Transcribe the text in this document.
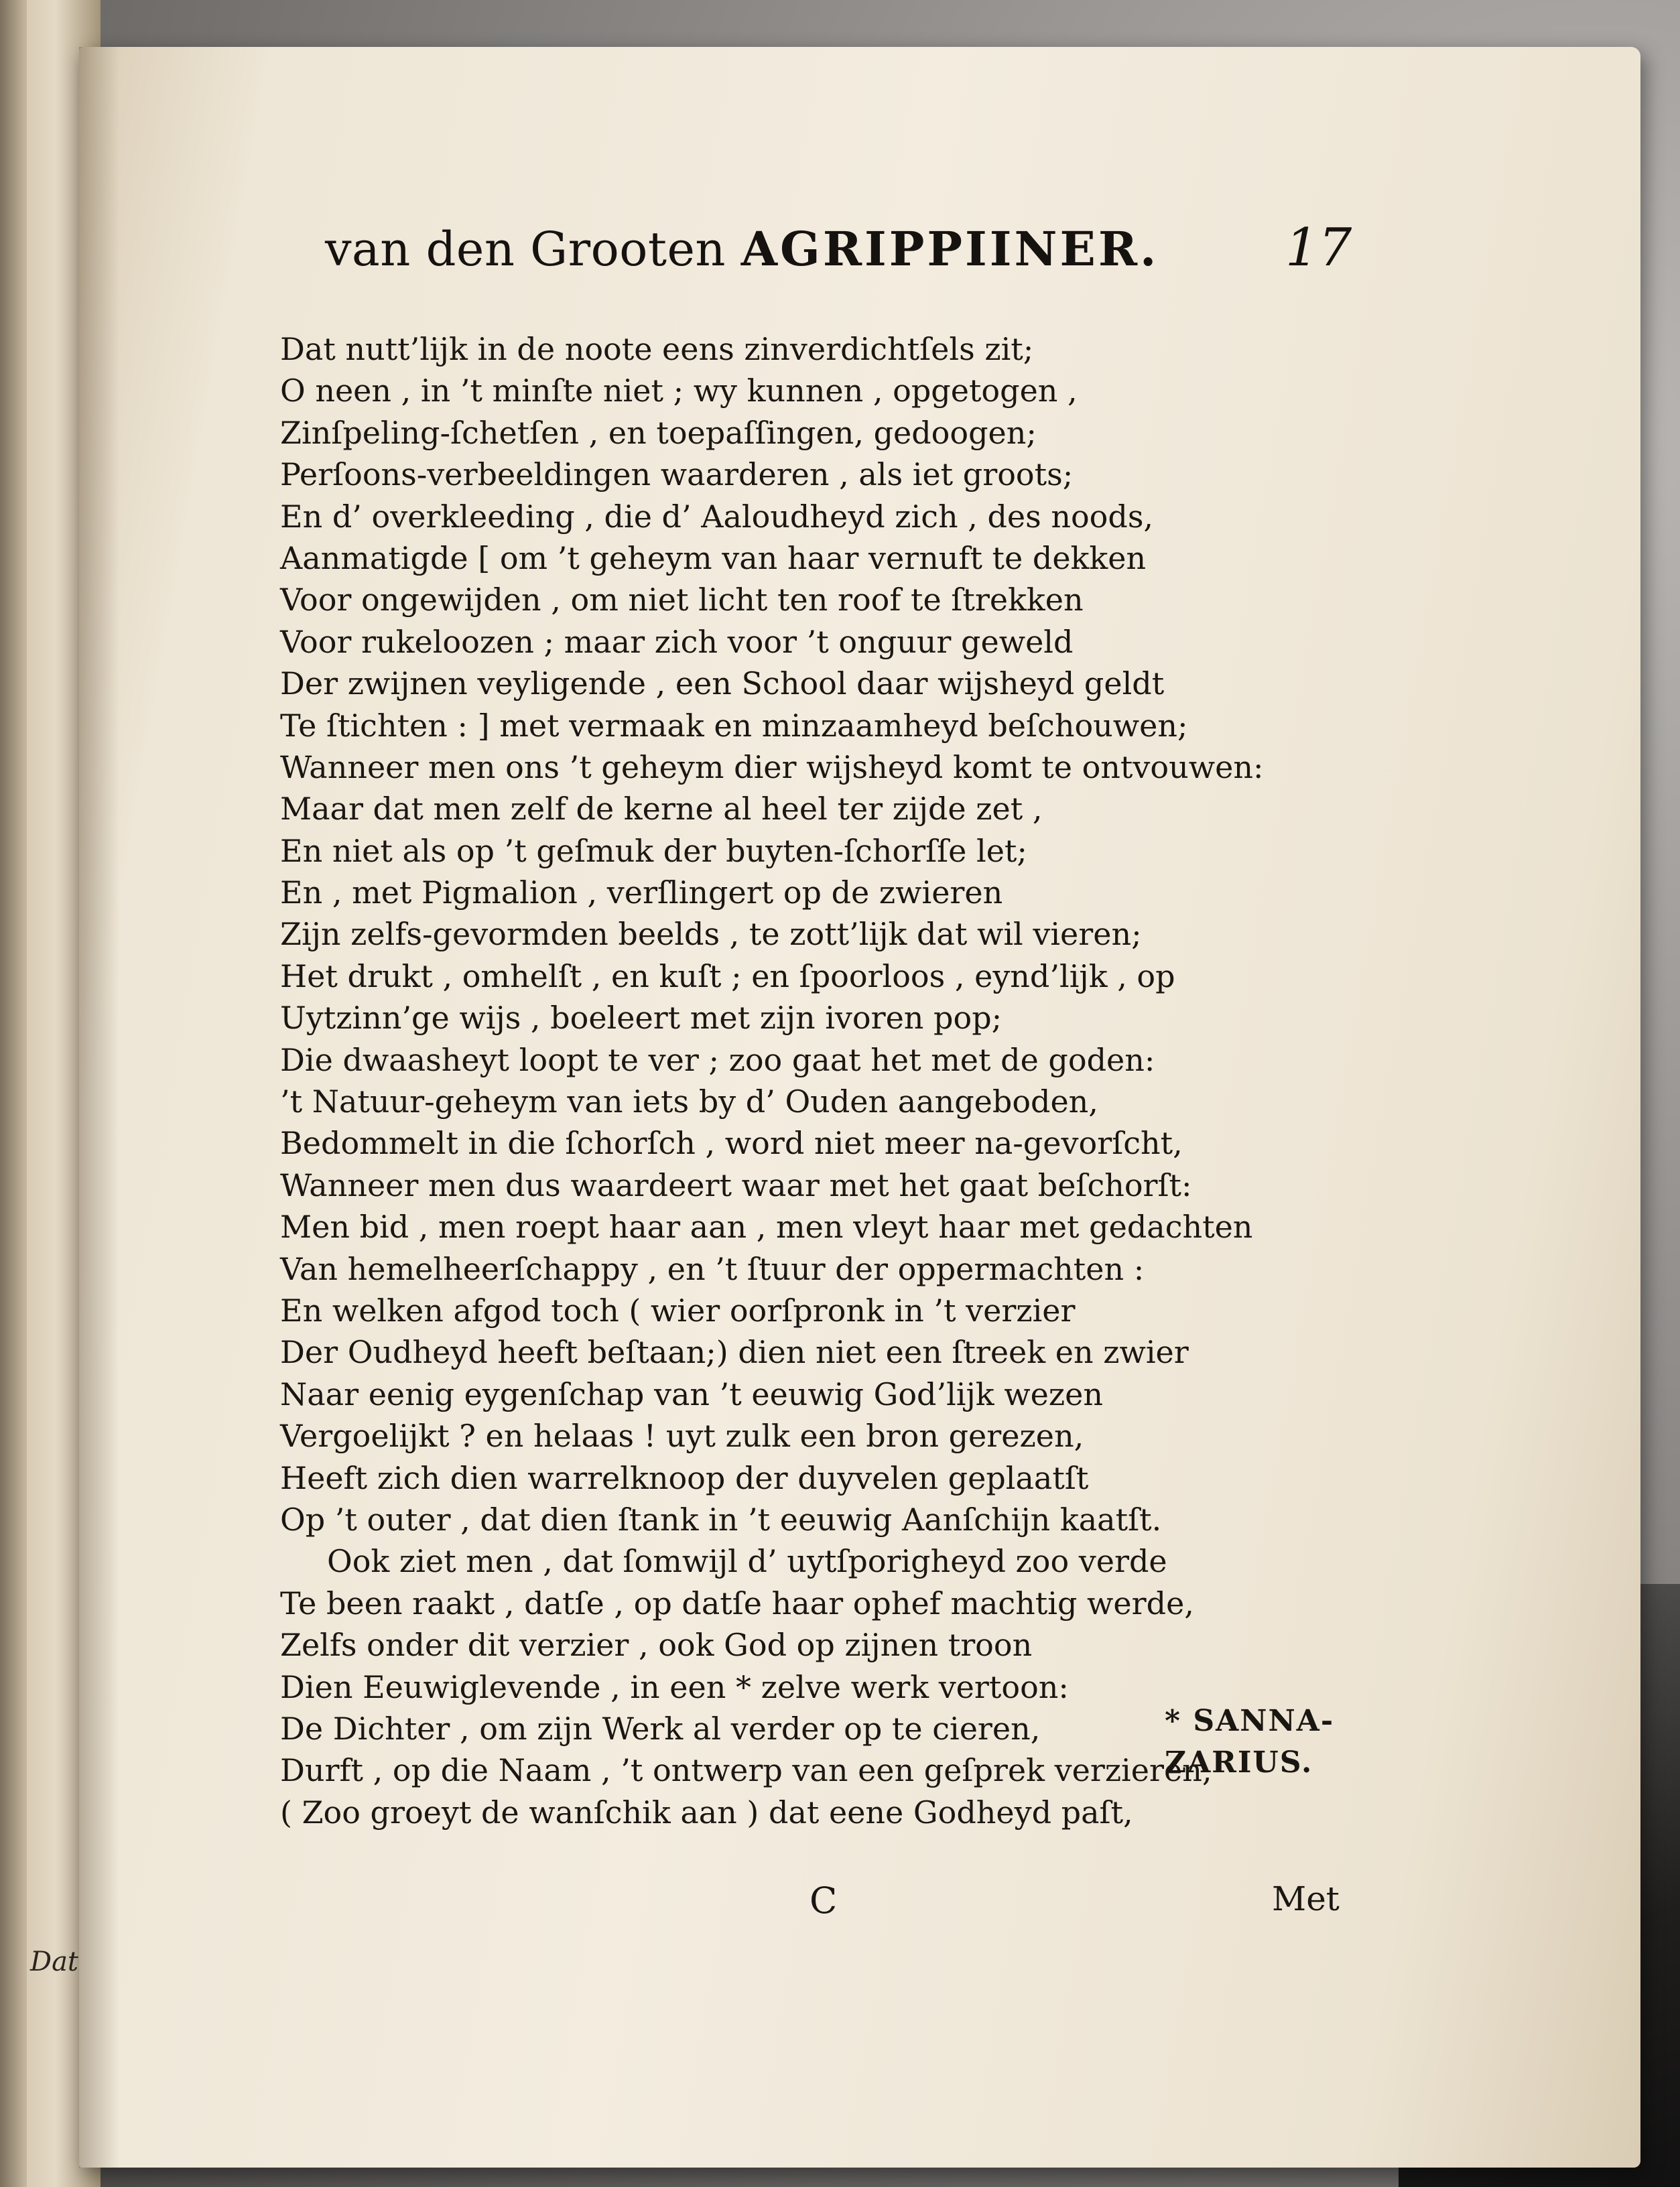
Dat
van den Grooten AGRIPPIINER. 17
Dat nutt’lijk in de noote eens zinverdichtſels zit;
O neen , in ’t minſte niet ; wy kunnen , opgetogen ,
Zinſpeling-ſchetſen , en toepaſſingen, gedoogen;
Perſoons-verbeeldingen waarderen , als iet groots;
En d’ overkleeding , die d’ Aaloudheyd zich , des noods,
Aanmatigde [ om ’t geheym van haar vernuft te dekken
Voor ongewijden , om niet licht ten roof te ſtrekken
Voor rukeloozen ; maar zich voor ’t onguur geweld
Der zwijnen veyligende , een School daar wijsheyd geldt
Te ſtichten : ] met vermaak en minzaamheyd beſchouwen;
Wanneer men ons ’t geheym dier wijsheyd komt te ontvouwen:
Maar dat men zelf de kerne al heel ter zijde zet ,
En niet als op ’t geſmuk der buyten-ſchorſſe let;
En , met Pigmalion , verſlingert op de zwieren
Zijn zelfs-gevormden beelds , te zott’lijk dat wil vieren;
Het drukt , omhelſt , en kuſt ; en ſpoorloos , eynd’lijk , op
Uytzinn’ge wijs , boeleert met zijn ivoren pop;
Die dwaasheyt loopt te ver ; zoo gaat het met de goden:
’t Natuur-geheym van iets by d’ Ouden aangeboden,
Bedommelt in die ſchorſch , word niet meer na-gevorſcht,
Wanneer men dus waardeert waar met het gaat beſchorſt:
Men bid , men roept haar aan , men vleyt haar met gedachten
Van hemelheerſchappy , en ’t ſtuur der oppermachten :
En welken afgod toch ( wier oorſpronk in ’t verzier
Der Oudheyd heeft beſtaan;) dien niet een ſtreek en zwier
Naar eenig eygenſchap van ’t eeuwig God’lijk wezen
Vergoelijkt ? en helaas ! uyt zulk een bron gerezen,
Heeft zich dien warrelknoop der duyvelen geplaatſt
Op ’t outer , dat dien ſtank in ’t eeuwig Aanſchijn kaatſt.
Ook ziet men , dat ſomwijl d’ uytſporigheyd zoo verde
Te been raakt , datſe , op datſe haar ophef machtig werde,
Zelfs onder dit verzier , ook God op zijnen troon
Dien Eeuwiglevende , in een * zelve werk vertoon:
De Dichter , om zijn Werk al verder op te cieren,
Durft , op die Naam , ’t ontwerp van een geſprek verzieren,
( Zoo groeyt de wanſchik aan ) dat eene Godheyd paſt,
* SANNA-
ZARIUS.
C	Met
